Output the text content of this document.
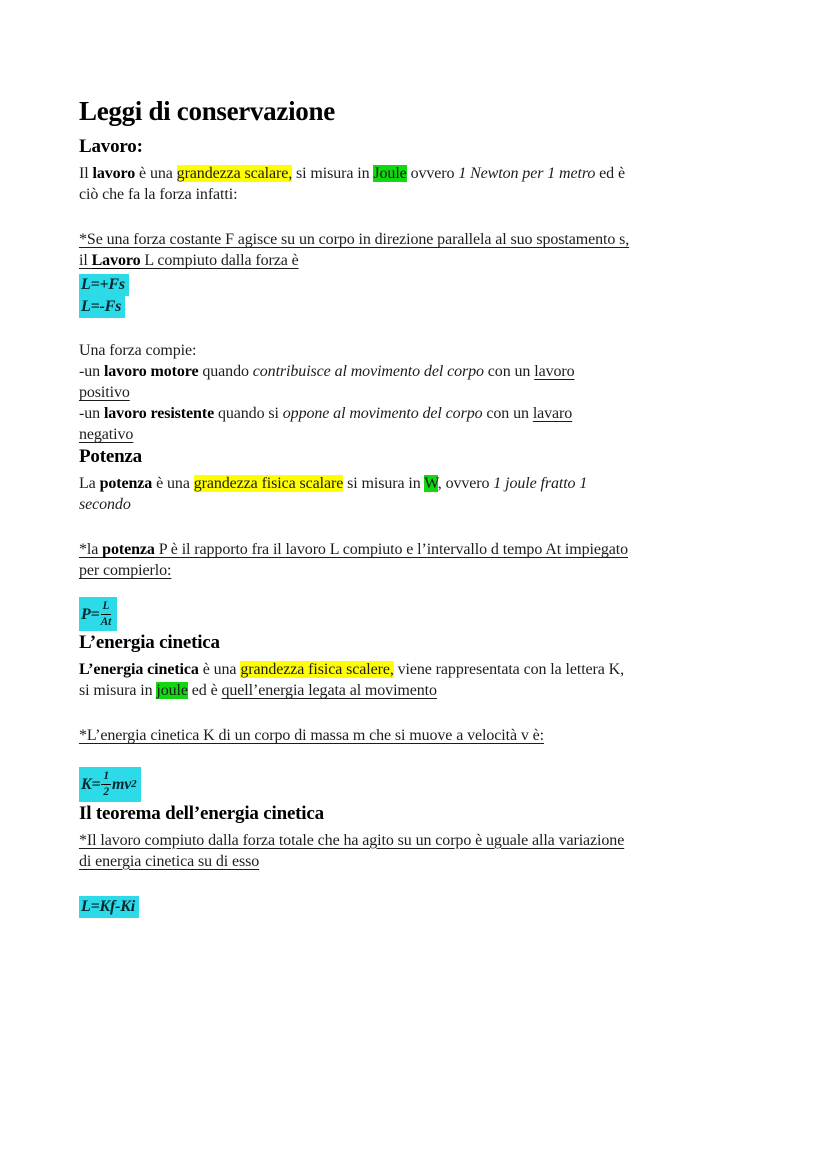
Leggi di conservazione
Lavoro:
Il lavoro è una grandezza scalare, si misura in Joule ovvero 1 Newton per 1 metro ed è
ciò che fa la forza infatti:
*Se una forza costante F agisce su un corpo in direzione parallela al suo spostamento s,
il Lavoro L compiuto dalla forza è
L=+Fs
L=-Fs
Una forza compie:
-un lavoro motore quando contribuisce al movimento del corpo con un lavoro
positivo
-un lavoro resistente quando si oppone al movimento del corpo con un lavaro
negativo
Potenza
La potenza è una grandezza fisica scalare si misura in W, ovvero 1 joule fratto 1
secondo
*la potenza P è il rapporto fra il lavoro L compiuto e l’intervallo d tempo At impiegato
per compierlo:
$P= \frac{L}{At}$
L’energia cinetica
L’energia cinetica è una grandezza fisica scalere, viene rappresentata con la lettera K,
si misura in joule ed è quell’energia legata al movimento
*L’energia cinetica K di un corpo di massa m che si muove a velocità v è:
$K= \frac{1}{2}$ mv 2
Il teorema dell’energia cinetica
*Il lavoro compiuto dalla forza totale che ha agito su un corpo è uguale alla variazione
di energia cinetica su di esso
L=Kf-Ki
